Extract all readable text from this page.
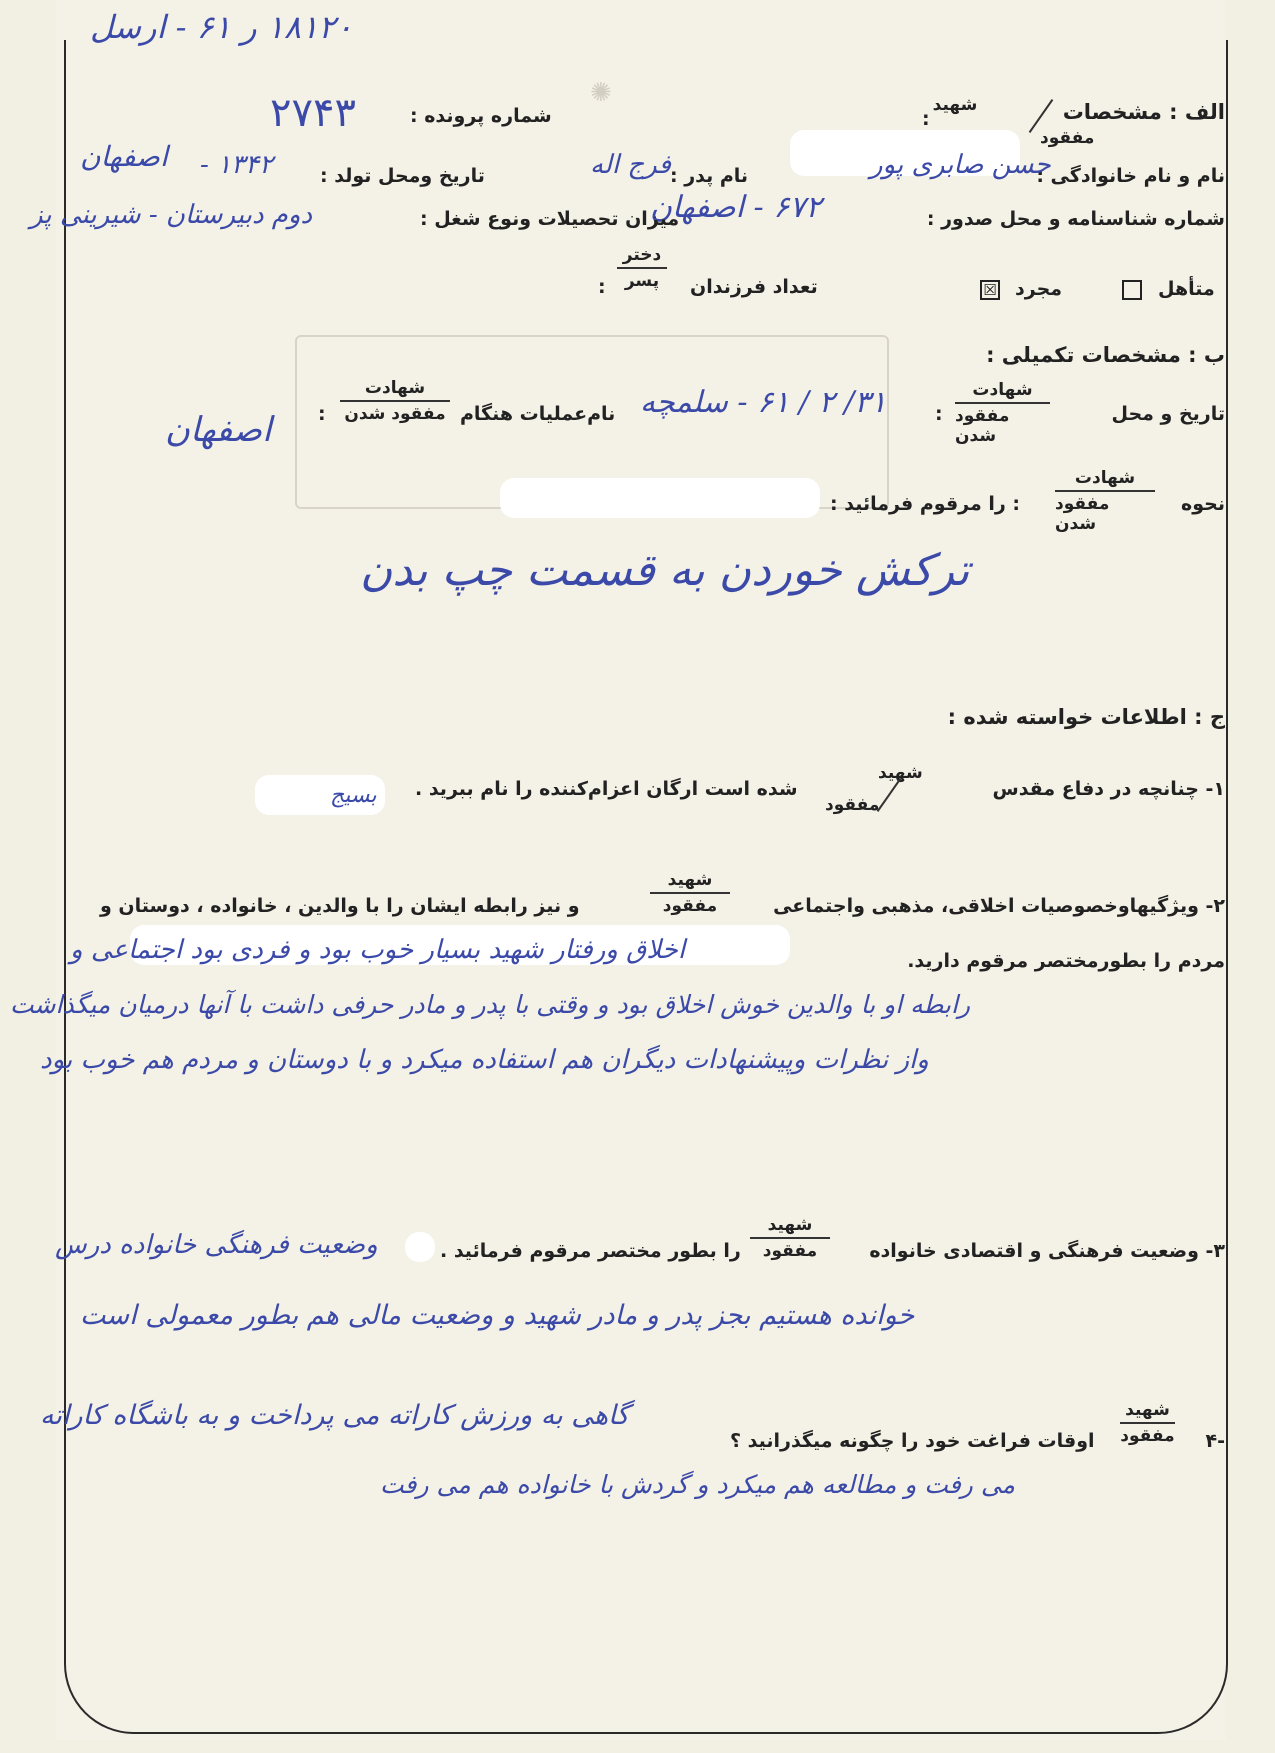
✺
۱۸۱۲۰ ر ۶۱ - ارسل
الف : مشخصات
شهید
مفقود
:
شماره پرونده :
۲۷۴۳
نام و نام خانوادگی :
حسن صابری پور
نام پدر :
فرج اله
تاریخ ومحل تولد :
۱۳۴۲ -
اصفهان
شماره شناسنامه و محل صدور :
۶۷۲ - اصفهان
میزان تحصیلات ونوع شغل :
دوم دبیرستان - شیرینی پز
متأهل
مجرد
☒
تعداد فرزندان
دختر
پسر
:
ب : مشخصات تکمیلی :
تاریخ و محل
شهادت
مفقود شدن
:
۳۱/ ۲ / ۶۱ - سلمچه
نام‌عملیات هنگام
شهادت
مفقود شدن
:
اصفهان
نحوه
شهادت
مفقود شدن
: را مرقوم فرمائید :
ترکش خوردن به قسمت چپ بدن
ج : اطلاعات خواسته شده :
۱- چنانچه در دفاع مقدس
شهید
مفقود
شده است ارگان اعزام‌کننده را نام ببرید .
بسیج
۲- ویژگیهاوخصوصیات اخلاقی، مذهبی واجتماعی
شهید
مفقود
و نیز رابطه ایشان را با والدین ، خانواده ، دوستان و
مردم را بطورمختصر مرقوم دارید.
اخلاق ورفتار شهید بسیار خوب بود و فردی بود اجتماعی و
رابطه او با والدین خوش اخلاق بود و وقتی با پدر و مادر حرفی داشت با آنها درمیان میگذاشت
واز نظرات وپیشنهادات دیگران هم استفاده میکرد و با دوستان و مردم هم خوب بود
۳- وضعیت فرهنگی و اقتصادی خانواده
شهید
مفقود
را بطور مختصر مرقوم فرمائید .
وضعیت فرهنگی خانواده درس
خوانده هستیم بجز پدر و مادر شهید و وضعیت مالی هم بطور معمولی است
۴-
شهید
مفقود
اوقات فراغت خود را چگونه میگذرانید ؟
گاهی به ورزش کاراته می پرداخت و به باشگاه کاراته
می رفت و مطالعه هم میکرد و گردش با خانواده هم می رفت
